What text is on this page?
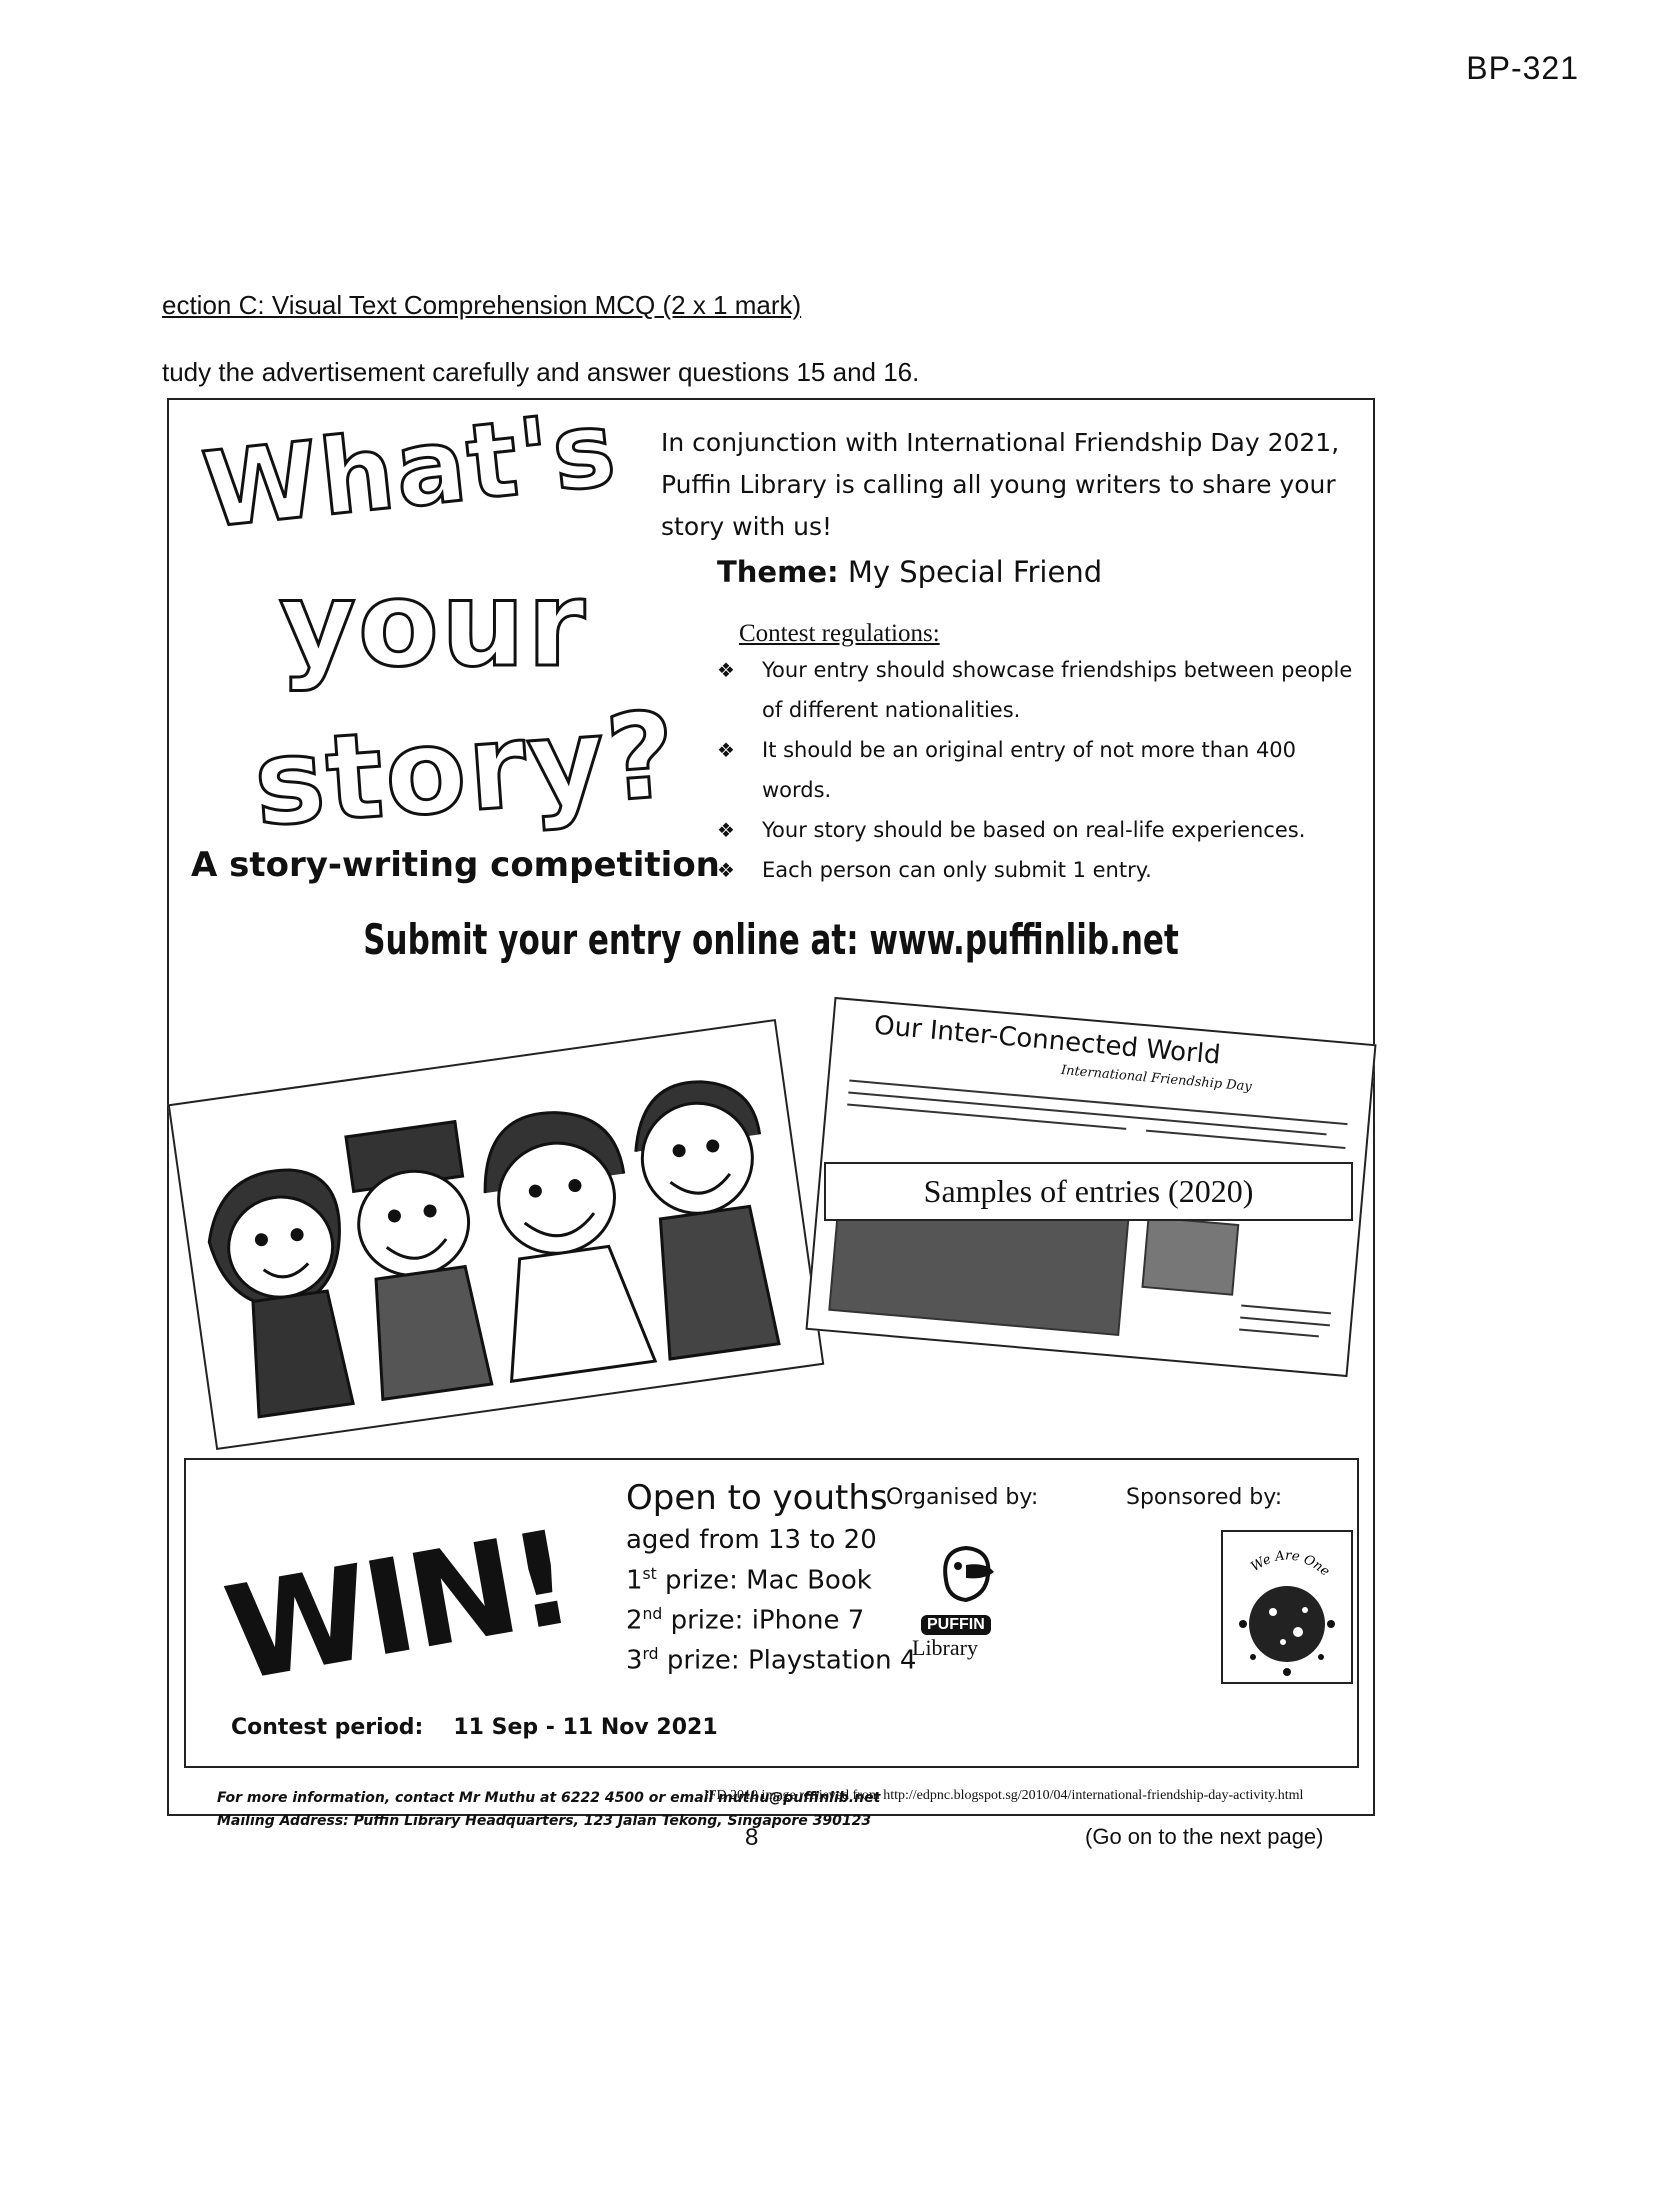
BP-321
ection C: Visual Text Comprehension MCQ (2 x 1 mark)
tudy the advertisement carefully and answer questions 15 and 16.
What's
your
story?
A story-writing competition
In conjunction with International Friendship Day 2021, Puffin Library is calling all young writers to share your story with us!
Theme: My Special Friend
Contest regulations:
❖ Your entry should showcase friendships between people of different nationalities.
❖ It should be an original entry of not more than 400 words.
❖ Your story should be based on real-life experiences.
❖ Each person can only submit 1 entry.
Submit your entry online at: www.puffinlib.net
Our Inter-Connected World
International Friendship Day
Samples of entries (2020)
WIN!
Open to youths
aged from 13 to 20
1st prize: Mac Book
2nd prize: iPhone 7
3rd prize: Playstation 4
Organised by:	Sponsored by:
PUFFIN
Library
We Are One
Contest period: 11 Sep - 11 Nov 2021
For more information, contact Mr Muthu at 6222 4500 or email muthu@puffinlib.net
Mailing Address: Puffin Library Headquarters, 123 Jalan Tekong, Singapore 390123
IFD 2010 image retrieved from http://edpnc.blogspot.sg/2010/04/international-friendship-day-activity.html
8	(Go on to the next page)
